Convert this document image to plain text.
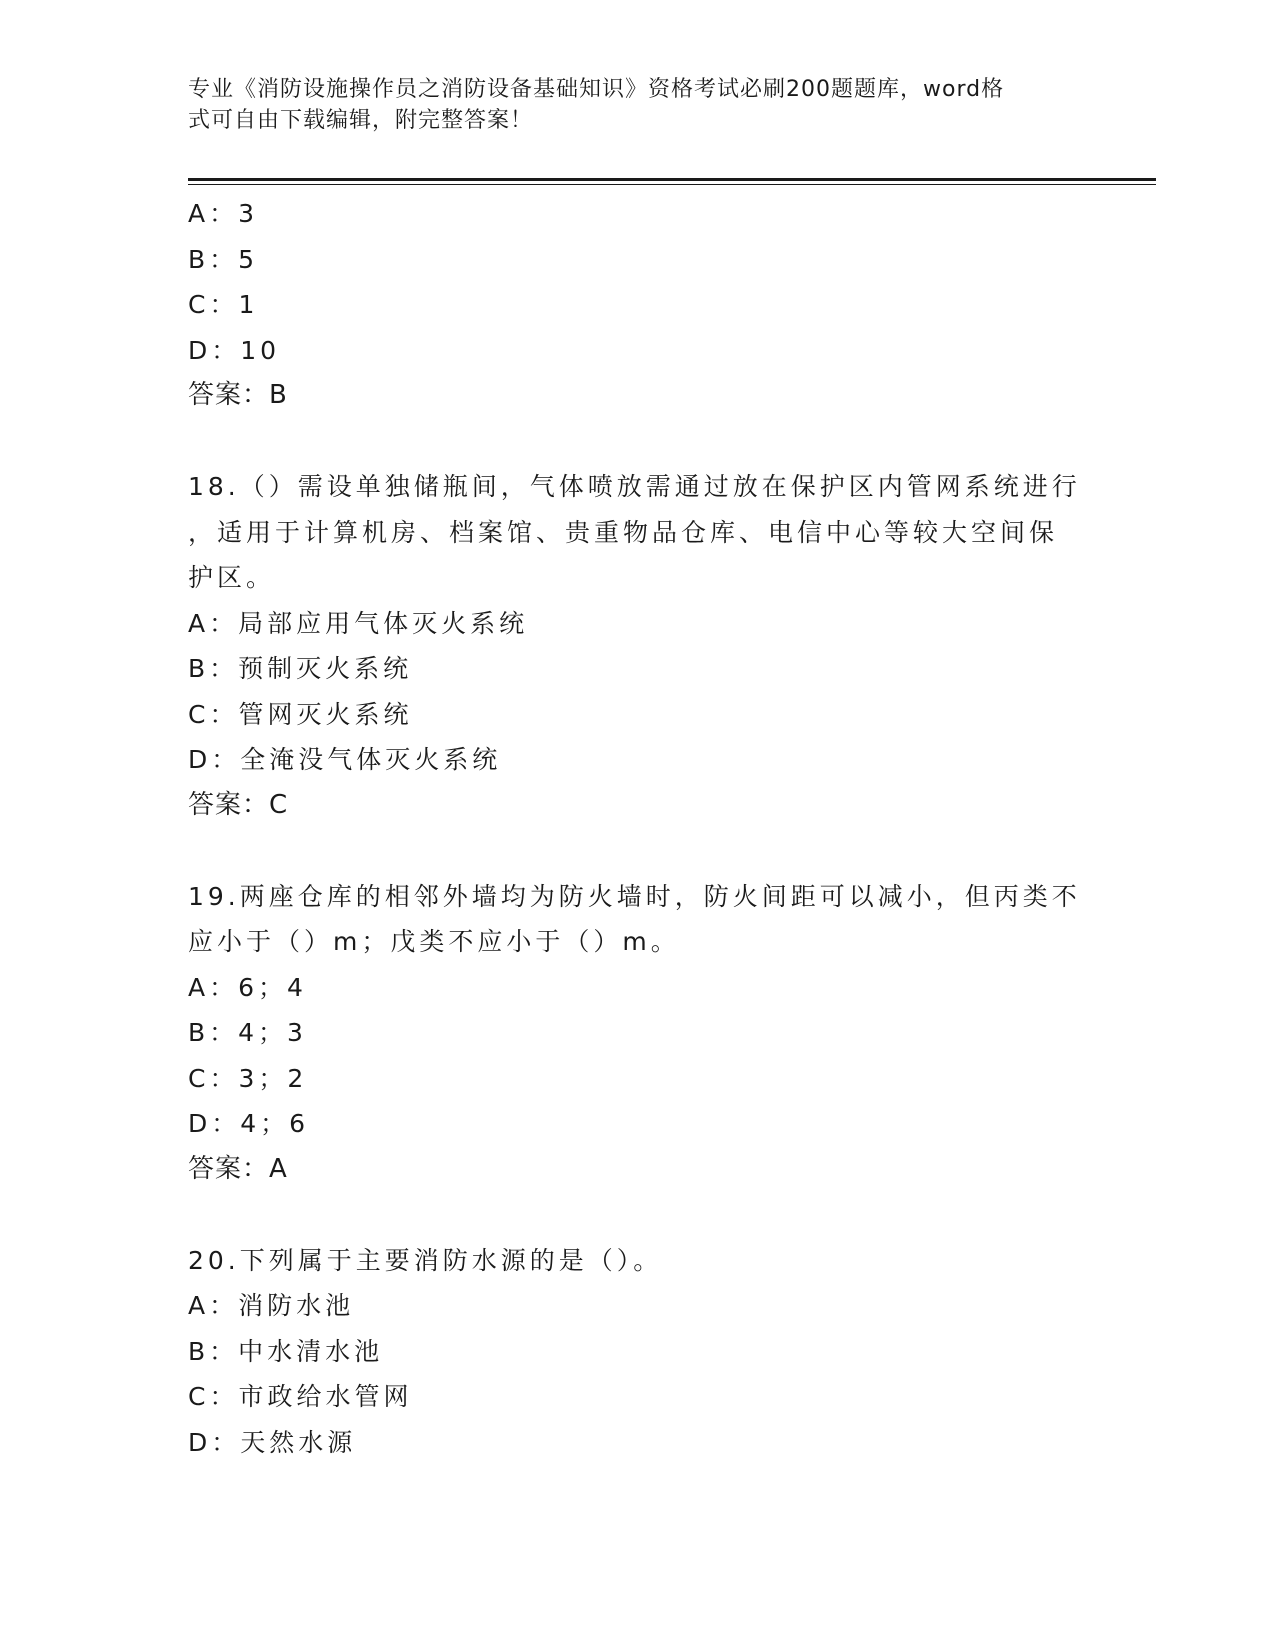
专业《消防设施操作员之消防设备基础知识》资格考试必刷200题题库，word格
式可自由下载编辑，附完整答案！
A：3
B：5
C：1
D：10
答案：B
18.（）需设单独储瓶间，气体喷放需通过放在保护区内管网系统进行
，适用于计算机房、档案馆、贵重物品仓库、电信中心等较大空间保
护区。
A：局部应用气体灭火系统
B：预制灭火系统
C：管网灭火系统
D：全淹没气体灭火系统
答案：C
19.两座仓库的相邻外墙均为防火墙时，防火间距可以减小，但丙类不
应小于（）m；戊类不应小于（）m。
A：6；4
B：4；3
C：3；2
D：4；6
答案：A
20.下列属于主要消防水源的是（）。
A：消防水池
B：中水清水池
C：市政给水管网
D：天然水源
